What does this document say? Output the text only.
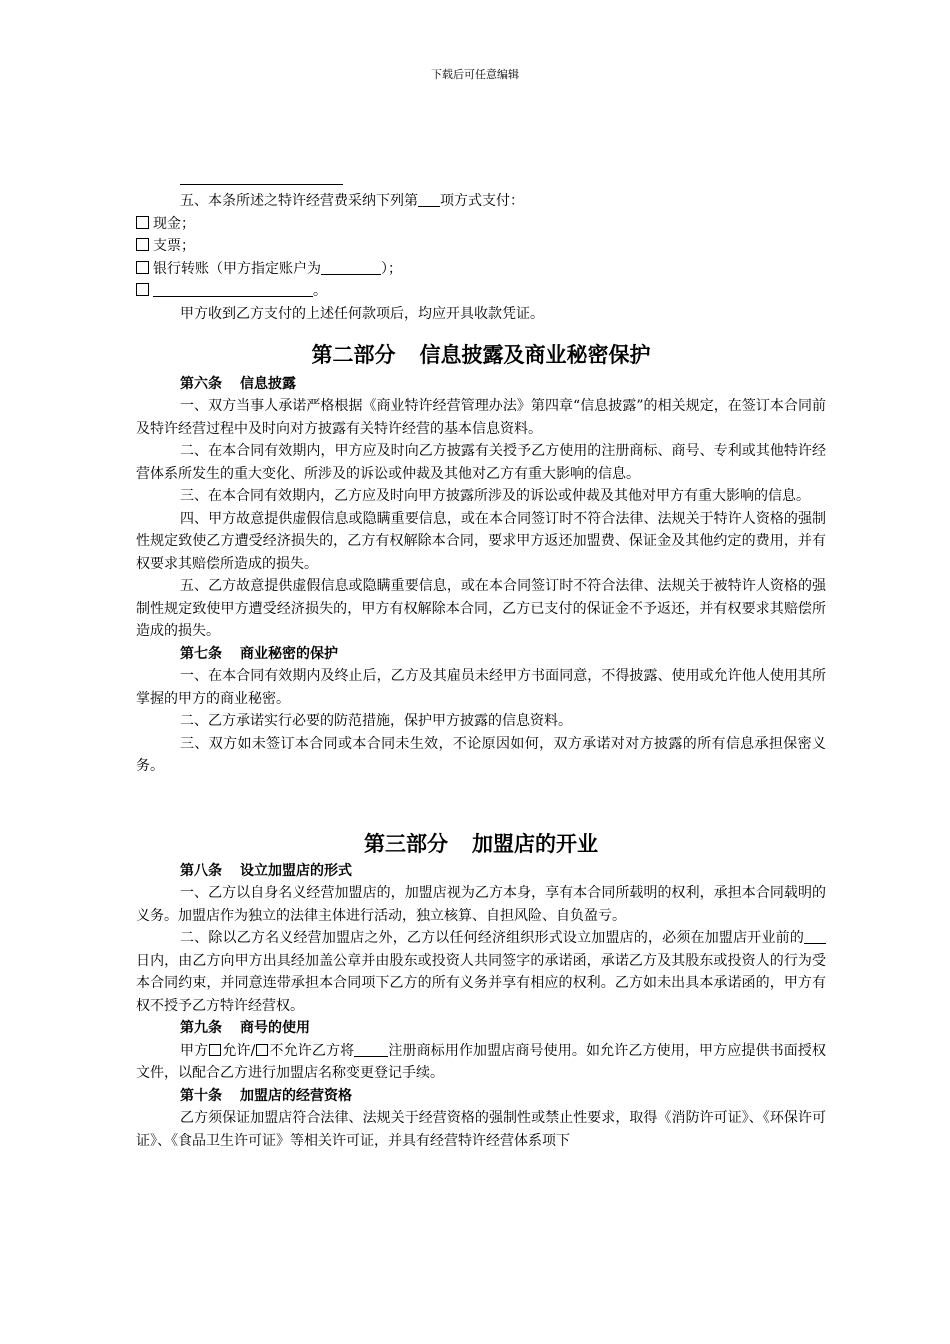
下载后可任意编辑

五、本条所述之特许经营费采纳下列第 项方式支付：

现金；

支票；

银行转账（甲方指定账户为	）；

。

甲方收到乙方支付的上述任何款项后，均应开具收款凭证。

第二部分 信息披露及商业秘密保护

第六条 信息披露

一、双方当事人承诺严格根据《商业特许经营管理办法》第四章“信息披露”的相关规定，在签订本合同前及特许经营过程中及时向对方披露有关特许经营的基本信息资料。

二、在本合同有效期内，甲方应及时向乙方披露有关授予乙方使用的注册商标、商号、专利或其他特许经营体系所发生的重大变化、所涉及的诉讼或仲裁及其他对乙方有重大影响的信息。

三、在本合同有效期内，乙方应及时向甲方披露所涉及的诉讼或仲裁及其他对甲方有重大影响的信息。

四、甲方故意提供虚假信息或隐瞒重要信息，或在本合同签订时不符合法律、法规关于特许人资格的强制性规定致使乙方遭受经济损失的，乙方有权解除本合同，要求甲方返还加盟费、保证金及其他约定的费用，并有权要求其赔偿所造成的损失。

五、乙方故意提供虚假信息或隐瞒重要信息，或在本合同签订时不符合法律、法规关于被特许人资格的强制性规定致使甲方遭受经济损失的，甲方有权解除本合同，乙方已支付的保证金不予返还，并有权要求其赔偿所造成的损失。

第七条 商业秘密的保护

一、在本合同有效期内及终止后，乙方及其雇员未经甲方书面同意，不得披露、使用或允许他人使用其所掌握的甲方的商业秘密。

二、乙方承诺实行必要的防范措施，保护甲方披露的信息资料。

三、双方如未签订本合同或本合同未生效，不论原因如何，双方承诺对对方披露的所有信息承担保密义务。

第三部分 加盟店的开业

第八条 设立加盟店的形式

一、乙方以自身名义经营加盟店的，加盟店视为乙方本身，享有本合同所载明的权利，承担本合同载明的义务。加盟店作为独立的法律主体进行活动，独立核算、自担风险、自负盈亏。

二、除以乙方名义经营加盟店之外，乙方以任何经济组织形式设立加盟店的，必须在加盟店开业前的日内，由乙方向甲方出具经加盖公章并由股东或投资人共同签字的承诺函，承诺乙方及其股东或投资人的行为受本合同约束，并同意连带承担本合同项下乙方的所有义务并享有相应的权利。乙方如未出具本承诺函的，甲方有权不授予乙方特许经营权。

第九条 商号的使用

甲方 允许/ 不允许乙方将 注册商标用作加盟店商号使用。如允许乙方使用，甲方应提供书面授权文件，以配合乙方进行加盟店名称变更登记手续。

第十条 加盟店的经营资格

乙方须保证加盟店符合法律、法规关于经营资格的强制性或禁止性要求，取得《消防许可证》、《环保许可证》、《食品卫生许可证》等相关许可证，并具有经营特许经营体系项下
